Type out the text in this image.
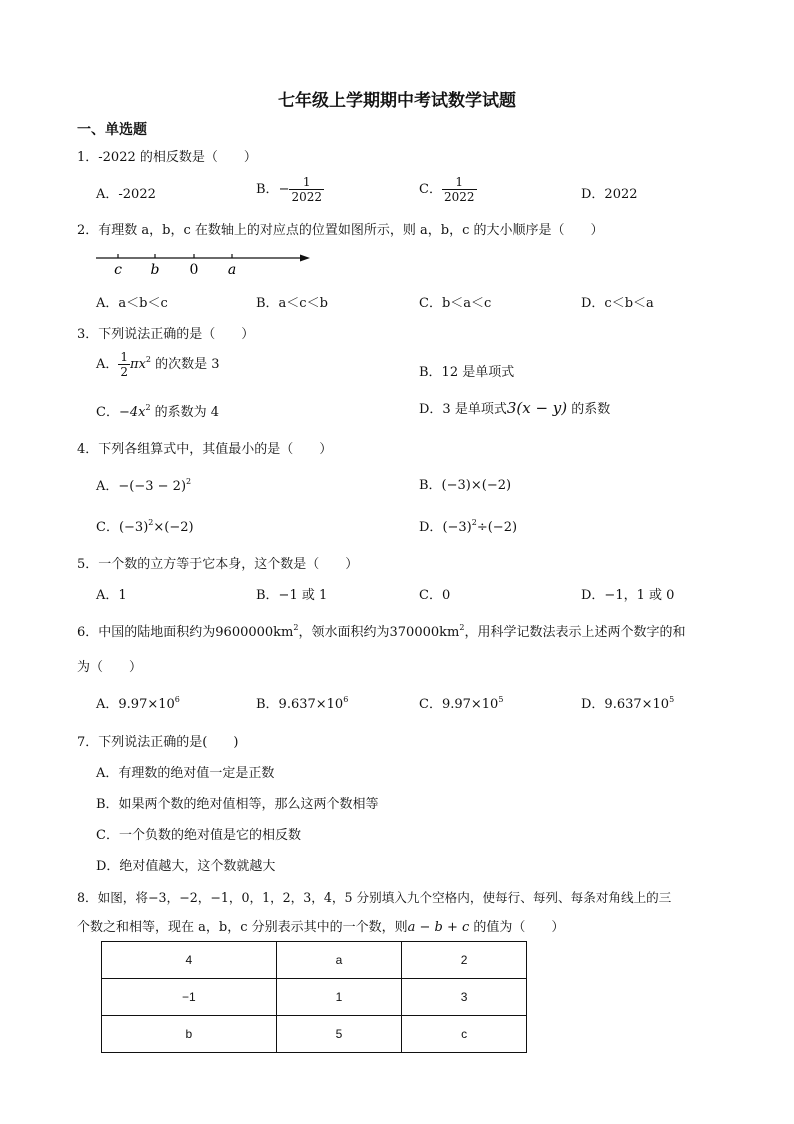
七年级上学期期中考试数学试题
一、单选题
1．-2022 的相反数是（　　）
A．-2022	B．− $\frac{1}{2022}$	C． $\frac{1}{2022}$	D．2022
2．有理数 a，b，c 在数轴上的对应点的位置如图所示，则 a，b，c 的大小顺序是（　　）
c b 0 a
A．a＜b＜c	B．a＜c＜b	C．b＜a＜c	D．c＜b＜a
3．下列说法正确的是（　　）
A． $\frac{1}{2} \pi x^2$ 的次数是 3
B．12 是单项式
C．$-4x^2$ 的系数为 4	D．3 是单项式3(x − y) 的系数
4．下列各组算式中，其值最小的是（　　）
A．$-(-3 - 2)^2$	B．(−3)×(−2)
C．$(-3)^2\times(-2)$	D．$(-3)^2\div(-2)$
5．一个数的立方等于它本身，这个数是（　　）
A．1	B．−1 或 1	C．0	D．−1，1 或 0
6．中国的陆地面积约为$9600000km^2$，领水面积约为$370000km^2$，用科学记数法表示上述两个数字的和
为（　　）
A．$9.97\times 10^6$	B．$9.637\times 10^6$	C．$9.97\times 10^5$	D．$9.637\times 10^5$
7．下列说法正确的是(　　)
A．有理数的绝对值一定是正数
B．如果两个数的绝对值相等，那么这两个数相等
C．一个负数的绝对值是它的相反数
D．绝对值越大，这个数就越大
8．如图，将−3，−2，−1，0，1，2，3，4，5 分别填入九个空格内，使每行、每列、每条对角线上的三
个数之和相等，现在 a，b，c 分别表示其中的一个数，则a − b + c 的值为（　　）
4	a	2
−1	1	3
b	5	c
